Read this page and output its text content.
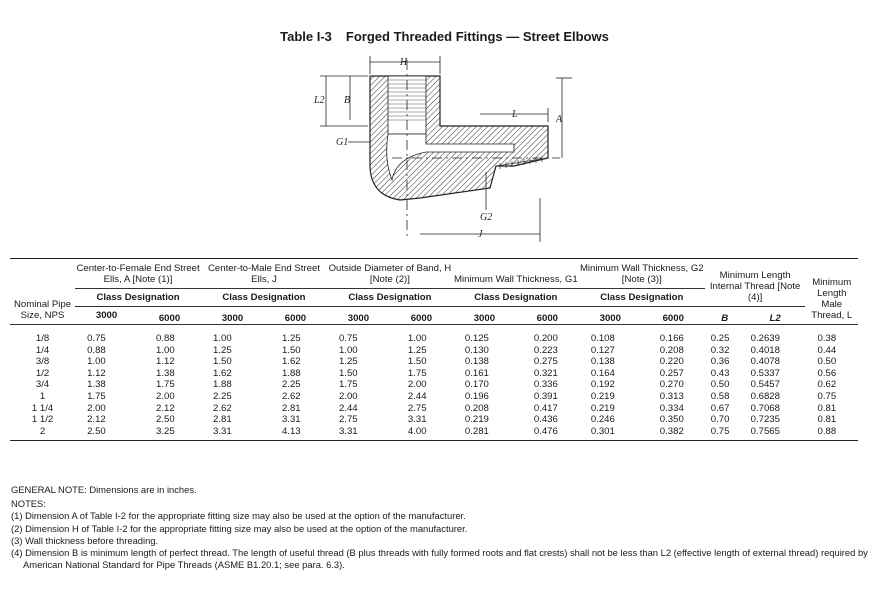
Table I-3 Forged Threaded Fittings — Street Elbows
H
L2 B
L	A
G1
G2
J
Nominal Pipe Size, NPS	Center-to-Female End Street Ells, A [Note (1)]		Center-to-Male End Street Ells, J		Outside Diameter of Band, H [Note (2)]		Minimum Wall Thickness, G1		Minimum Wall Thickness, G2 [Note (3)]		Minimum Length Internal Thread [Note (4)]		Minimum Length Male Thread, L
	Class Designation		Class Designation		Class Designation		Class Designation		Class Designation				
	3000	6000	3000	6000	3000	6000	3000	6000	3000	6000	B	L2	
1/8	0.75	0.88	1.00	1.25	0.75	1.00	0.125	0.200	0.108	0.166	0.25	0.2639	0.38
1/4	0.88	1.00	1.25	1.50	1.00	1.25	0.130	0.223	0.127	0.208	0.32	0.4018	0.44
3/8	1.00	1.12	1.50	1.62	1.25	1.50	0.138	0.275	0.138	0.220	0.36	0.4078	0.50
1/2	1.12	1.38	1.62	1.88	1.50	1.75	0.161	0.321	0.164	0.257	0.43	0.5337	0.56
3/4	1.38	1.75	1.88	2.25	1.75	2.00	0.170	0.336	0.192	0.270	0.50	0.5457	0.62
1	1.75	2.00	2.25	2.62	2.00	2.44	0.196	0.391	0.219	0.313	0.58	0.6828	0.75
1 1/4	2.00	2.12	2.62	2.81	2.44	2.75	0.208	0.417	0.219	0.334	0.67	0.7068	0.81
1 1/2	2.12	2.50	2.81	3.31	2.75	3.31	0.219	0.436	0.246	0.350	0.70	0.7235	0.81
2	2.50	3.25	3.31	4.13	3.31	4.00	0.281	0.476	0.301	0.382	0.75	0.7565	0.88

GENERAL NOTE: Dimensions are in inches.

NOTES:

(1) Dimension A of Table I-2 for the appropriate fitting size may also be used at the option of the manufacturer.

(2) Dimension H of Table I-2 for the appropriate fitting size may also be used at the option of the manufacturer.

(3) Wall thickness before threading.

(4) Dimension B is minimum length of perfect thread. The length of useful thread (B plus threads with fully formed roots and flat crests) shall not be less than L2 (effective length of external thread) required by American National Standard for Pipe Threads (ASME B1.20.1; see para. 6.3).
